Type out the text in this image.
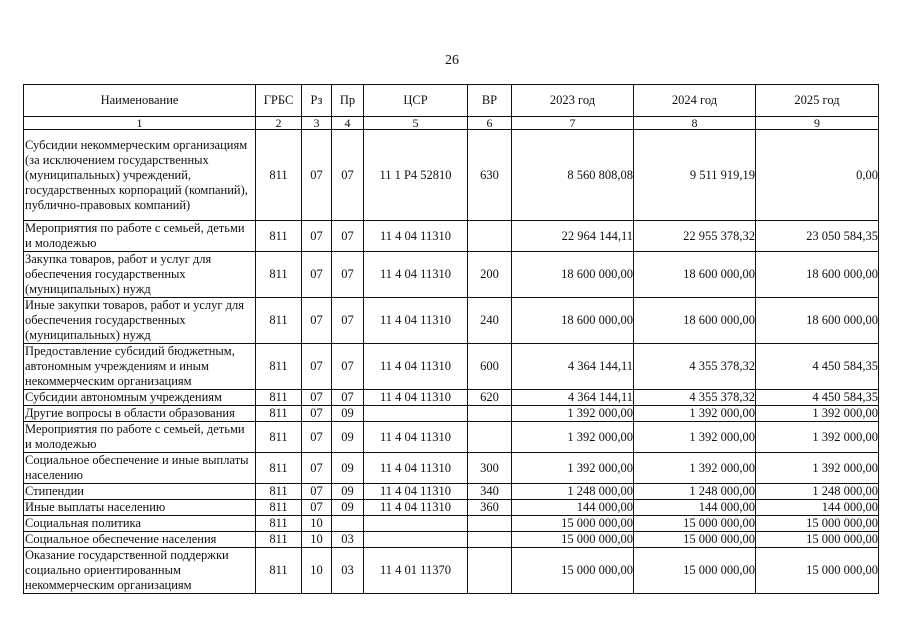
26
Наименование	ГРБС	Рз	Пр	ЦСР	ВР	2023 год	2024 год	2025 год
1	2	3	4	5	6	7	8	9
Субсидии некоммерческим организациям (за исключением государственных (муниципальных) учреждений, государственных корпораций (компаний), публично-правовых компаний)	811	07	07	11 1 P4 52810	630	8 560 808,08	9 511 919,19	0,00
Мероприятия по работе с семьей, детьми и молодежью	811	07	07	11 4 04 11310		22 964 144,11	22 955 378,32	23 050 584,35
Закупка товаров, работ и услуг для обеспечения государственных (муниципальных) нужд	811	07	07	11 4 04 11310	200	18 600 000,00	18 600 000,00	18 600 000,00
Иные закупки товаров, работ и услуг для обеспечения государственных (муниципальных) нужд	811	07	07	11 4 04 11310	240	18 600 000,00	18 600 000,00	18 600 000,00
Предоставление субсидий бюджетным, автономным учреждениям и иным некоммерческим организациям	811	07	07	11 4 04 11310	600	4 364 144,11	4 355 378,32	4 450 584,35
Субсидии автономным учреждениям	811	07	07	11 4 04 11310	620	4 364 144,11	4 355 378,32	4 450 584,35
Другие вопросы в области образования	811	07	09			1 392 000,00	1 392 000,00	1 392 000,00
Мероприятия по работе с семьей, детьми и молодежью	811	07	09	11 4 04 11310		1 392 000,00	1 392 000,00	1 392 000,00
Социальное обеспечение и иные выплаты населению	811	07	09	11 4 04 11310	300	1 392 000,00	1 392 000,00	1 392 000,00
Стипендии	811	07	09	11 4 04 11310	340	1 248 000,00	1 248 000,00	1 248 000,00
Иные выплаты населению	811	07	09	11 4 04 11310	360	144 000,00	144 000,00	144 000,00
Социальная политика	811	10				15 000 000,00	15 000 000,00	15 000 000,00
Социальное обеспечение населения	811	10	03			15 000 000,00	15 000 000,00	15 000 000,00
Оказание государственной поддержки социально ориентированным некоммерческим организациям	811	10	03	11 4 01 11370		15 000 000,00	15 000 000,00	15 000 000,00
